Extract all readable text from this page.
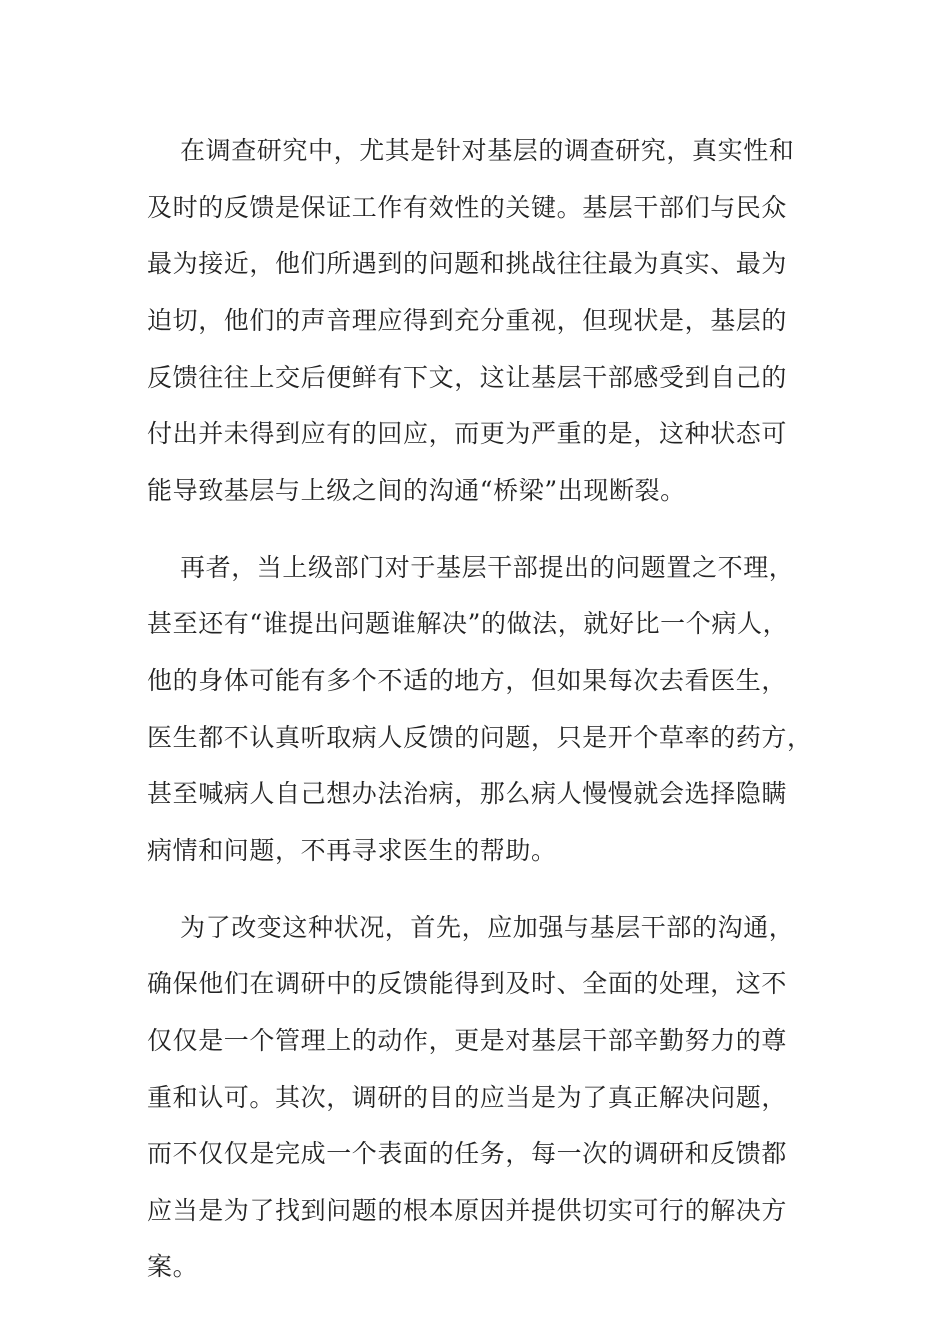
在调查研究中，尤其是针对基层的调查研究，真实性和
及时的反馈是保证工作有效性的关键。基层干部们与民众
最为接近，他们所遇到的问题和挑战往往最为真实、最为
迫切，他们的声音理应得到充分重视，但现状是，基层的
反馈往往上交后便鲜有下文，这让基层干部感受到自己的
付出并未得到应有的回应，而更为严重的是，这种状态可
能导致基层与上级之间的沟通“桥梁”出现断裂。
再者，当上级部门对于基层干部提出的问题置之不理，
甚至还有“谁提出问题谁解决”的做法，就好比一个病人，
他的身体可能有多个不适的地方，但如果每次去看医生，
医生都不认真听取病人反馈的问题，只是开个草率的药方，
甚至喊病人自己想办法治病，那么病人慢慢就会选择隐瞒
病情和问题，不再寻求医生的帮助。
为了改变这种状况，首先，应加强与基层干部的沟通，
确保他们在调研中的反馈能得到及时、全面的处理，这不
仅仅是一个管理上的动作，更是对基层干部辛勤努力的尊
重和认可。其次，调研的目的应当是为了真正解决问题，
而不仅仅是完成一个表面的任务，每一次的调研和反馈都
应当是为了找到问题的根本原因并提供切实可行的解决方
案。
